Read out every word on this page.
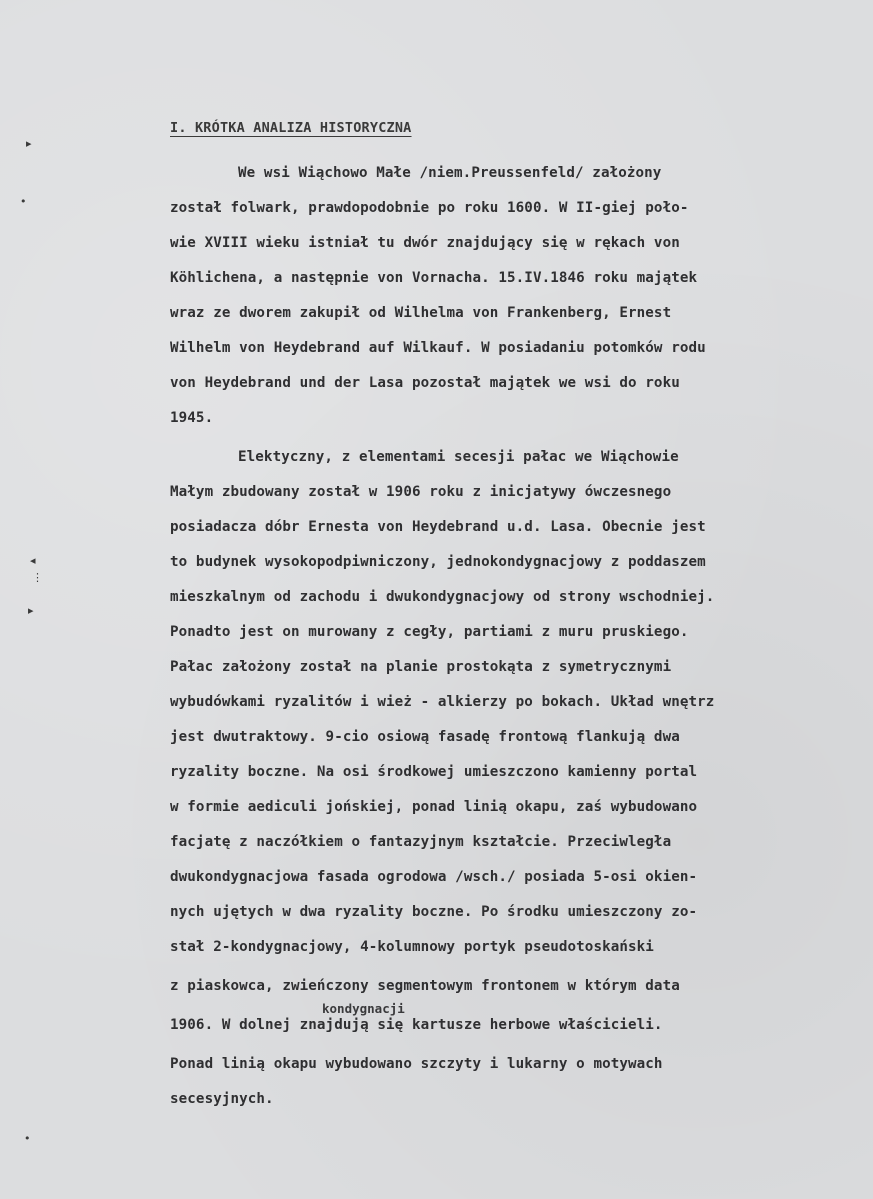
▸
•
◂
⋮
▸
•
I. KRÓTKA ANALIZA HISTORYCZNA

We wsi Wiąchowo Małe /niem.Preussenfeld/ założony

został folwark, prawdopodobnie po roku 1600. W II-giej poło-

wie XVIII wieku istniał tu dwór znajdujący się w rękach von

Köhlichena, a następnie von Vornacha. 15.IV.1846 roku majątek

wraz ze dworem zakupił od Wilhelma von Frankenberg, Ernest

Wilhelm von Heydebrand auf Wilkauf. W posiadaniu potomków rodu

von Heydebrand und der Lasa pozostał majątek we wsi do roku

1945.

Elektyczny, z elementami secesji pałac we Wiąchowie

Małym zbudowany został w 1906 roku z inicjatywy ówczesnego

posiadacza dóbr Ernesta von Heydebrand u.d. Lasa. Obecnie jest

to budynek wysokopodpiwniczony, jednokondygnacjowy z poddaszem

mieszkalnym od zachodu i dwukondygnacjowy od strony wschodniej.

Ponadto jest on murowany z cegły, partiami z muru pruskiego.

Pałac założony został na planie prostokąta z symetrycznymi

wybudówkami ryzalitów i wież - alkierzy po bokach. Układ wnętrz

jest dwutraktowy. 9-cio osiową fasadę frontową flankują dwa

ryzality boczne. Na osi środkowej umieszczono kamienny portal

w formie aediculi jońskiej, ponad linią okapu, zaś wybudowano

facjatę z naczółkiem o fantazyjnym kształcie. Przeciwległa

dwukondygnacjowa fasada ogrodowa /wsch./ posiada 5-osi okien-

nych ujętych w dwa ryzality boczne. Po środku umieszczony zo-

stał 2-kondygnacjowy, 4-kolumnowy portyk pseudotoskański

z piaskowca, zwieńczony segmentowym frontonem w którym data

kondygnacji

1906. W dolnej znajdują się kartusze herbowe właścicieli.

Ponad linią okapu wybudowano szczyty i lukarny o motywach

secesyjnych.
